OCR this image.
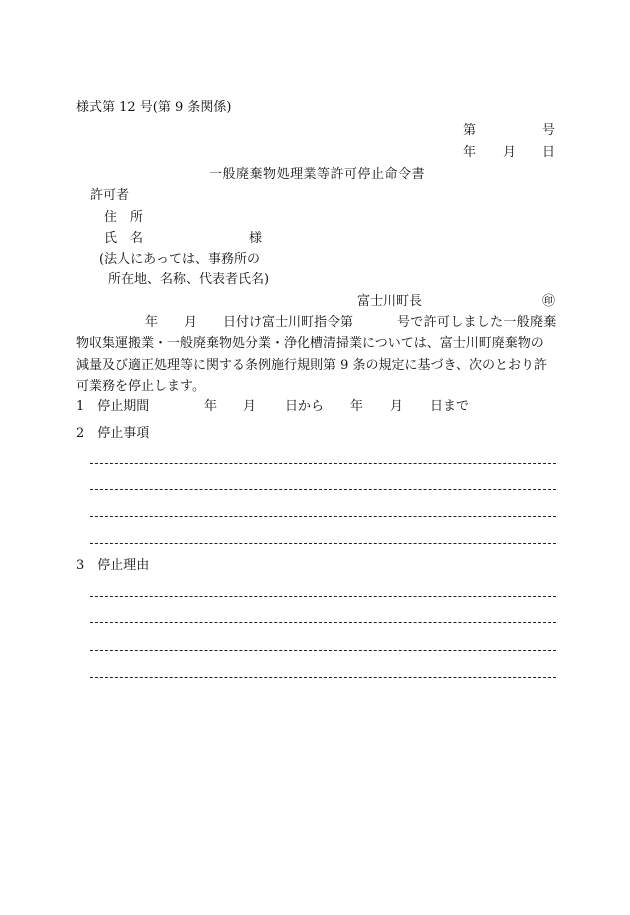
様式第 12 号(第 9 条関係)
第	号
年 月 日
一般廃棄物処理業等許可停止命令書
許可者
住　所
氏　名	様
(法人にあっては、事務所の
所在地、名称、代表者氏名)
富士川町長	㊞
年 月 日付け富士川町指令第	号で許可しました一般廃棄
物収集運搬業・一般廃棄物処分業・浄化槽清掃業については、富士川町廃棄物の
減量及び適正処理等に関する条例施行規則第 9 条の規定に基づき、次のとおり許
可業務を停止します。
1　停止期間	年 月 日から 年 月 日まで
2　停止事項
3　停止理由
